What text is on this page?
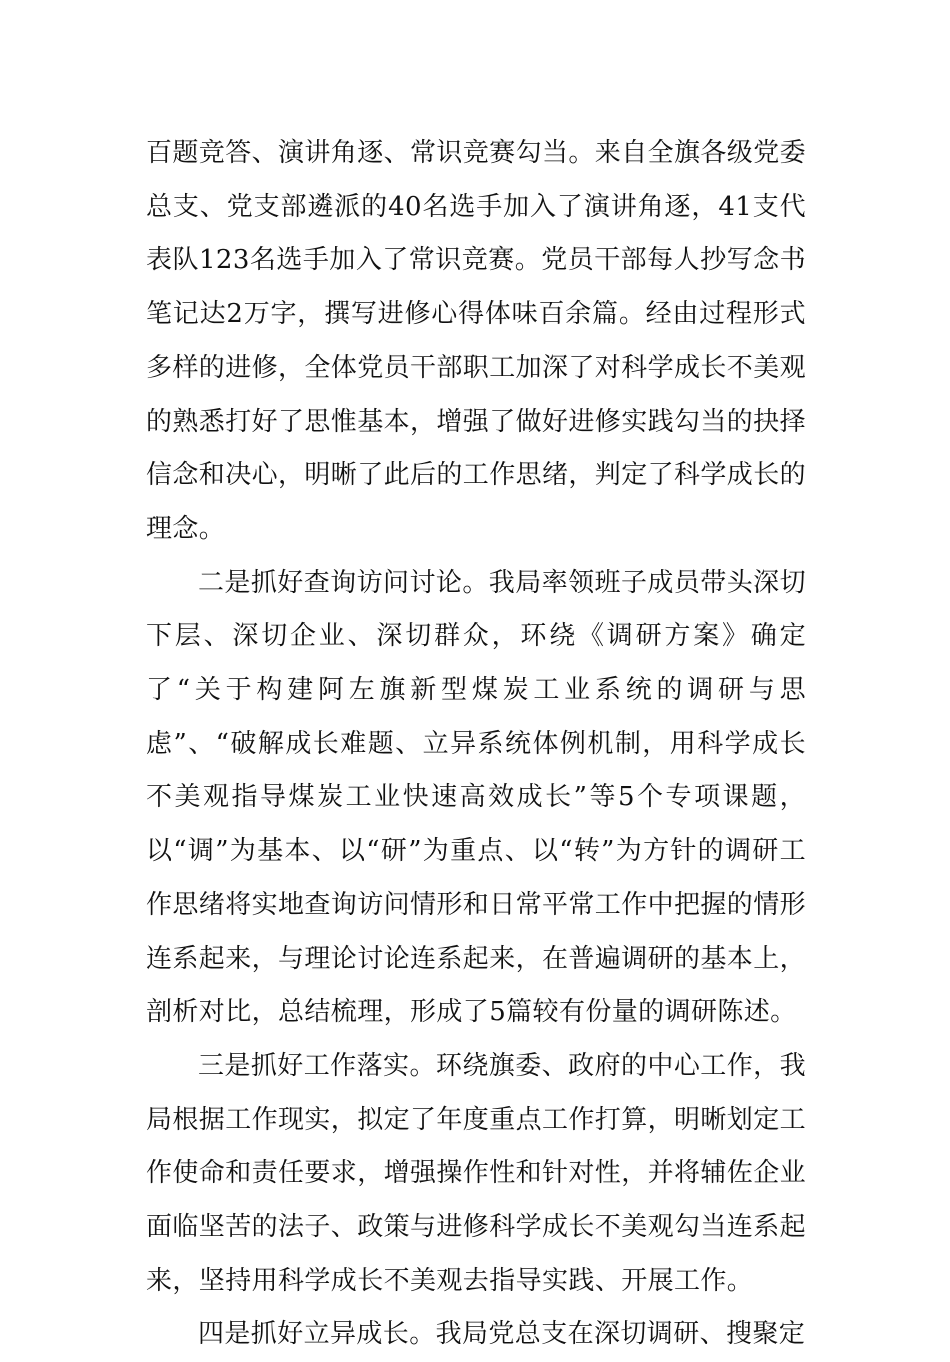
百题竞答、演讲角逐、常识竞赛勾当。来自全旗各级党委总支、党支部遴派的40名选手加入了演讲角逐，41支代表队123名选手加入了常识竞赛。党员干部每人抄写念书笔记达2万字，撰写进修心得体味百余篇。经由过程形式多样的进修，全体党员干部职工加深了对科学成长不美观的熟悉打好了思惟基本，增强了做好进修实践勾当的抉择信念和决心，明晰了此后的工作思绪，判定了科学成长的理念。

二是抓好查询访问讨论。我局率领班子成员带头深切下层、深切企业、深切群众，环绕《调研方案》确定了“关于构建阿左旗新型煤炭工业系统的调研与思虑”、“破解成长难题、立异系统体例机制，用科学成长不美观指导煤炭工业快速高效成长”等5个专项课题，以“调”为基本、以“研”为重点、以“转”为方针的调研工作思绪将实地查询访问情形和日常平常工作中把握的情形连系起来，与理论讨论连系起来，在普遍调研的基本上，剖析对比，总结梳理，形成了5篇较有份量的调研陈述。

三是抓好工作落实。环绕旗委、政府的中心工作，我局根据工作现实，拟定了年度重点工作打算，明晰划定工作使命和责任要求，增强操作性和针对性，并将辅佐企业面临坚苦的法子、政策与进修科学成长不美观勾当连系起来，坚持用科学成长不美观去指导实践、开展工作。

四是抓好立异成长。我局党总支在深切调研、搜聚定
